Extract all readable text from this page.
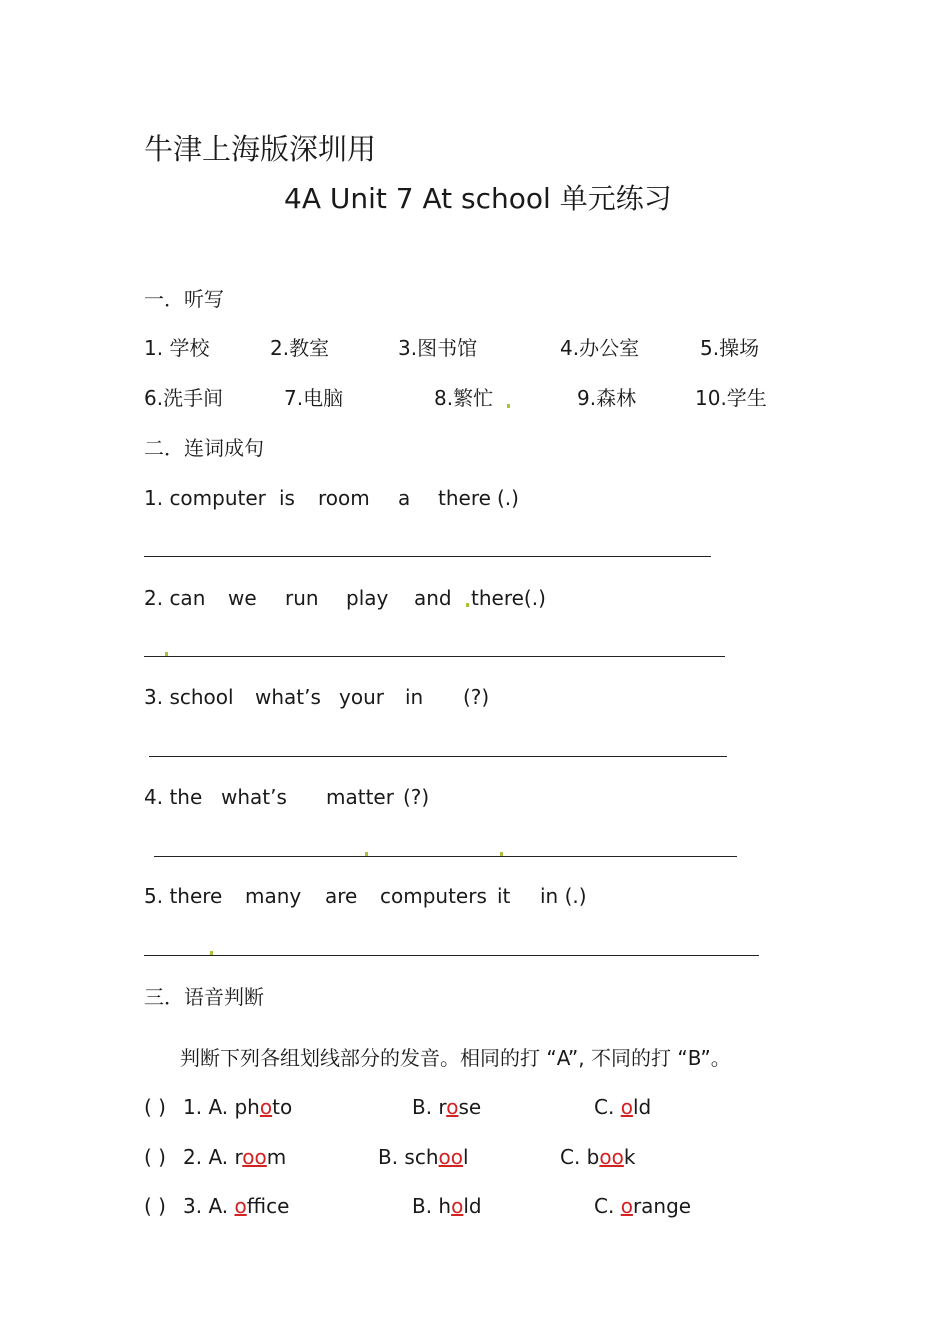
牛津上海版深圳用
4A Unit 7 At school 单元练习
一．听写
1. 学校	2.教室	3.图书馆	4.办公室	5.操场
6.洗手间	7.电脑	8.繁忙	9.森林	10.学生
二．连词成句
1. computer is room a there (.)
2. can we run play and there(.)
3. school what’s your in (?)
4. the what’s matter (?)
5. there many are computers it in (.)
三．语音判断
判断下列各组划线部分的发音。相同的打 “A”, 不同的打 “B”。
( ) 1. A. photo	B. rose	C. old
( ) 2. A. room	B. school	C. book
( ) 3. A. office	B. hold	C. orange
